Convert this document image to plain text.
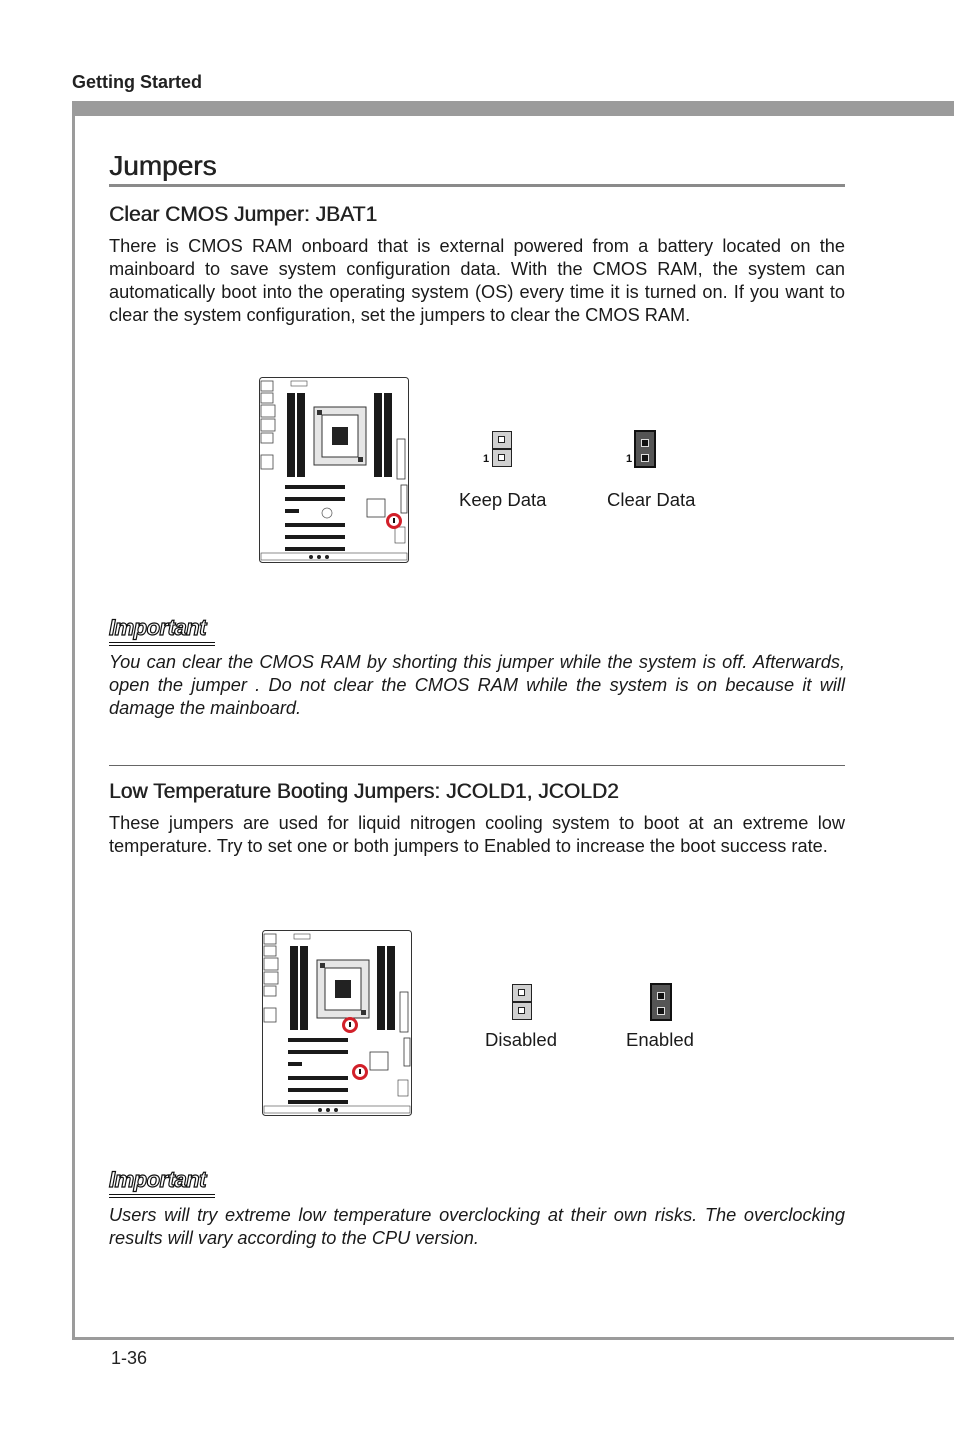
Getting Started
Jumpers
Clear CMOS Jumper: JBAT1
There is CMOS RAM onboard that is external powered from a battery located on the mainboard to save system configuration data. With the CMOS RAM, the system can automatically boot into the operating system (OS) every time it is turned on. If you want to clear the system configuration, set the jumpers to clear the CMOS RAM.
1	1
Keep Data	Clear Data
Important
You can clear the CMOS RAM by shorting this jumper while the system is off. Afterwards, open the jumper . Do not clear the CMOS RAM while the system is on because it will damage the mainboard.
Low Temperature Booting Jumpers: JCOLD1, JCOLD2
These jumpers are used for liquid nitrogen cooling system to boot at an extreme low temperature. Try to set one or both jumpers to Enabled to increase the boot success rate.
Disabled	Enabled
Important
Users will try extreme low temperature overclocking at their own risks. The overclocking results will vary according to the CPU version.
1-36
